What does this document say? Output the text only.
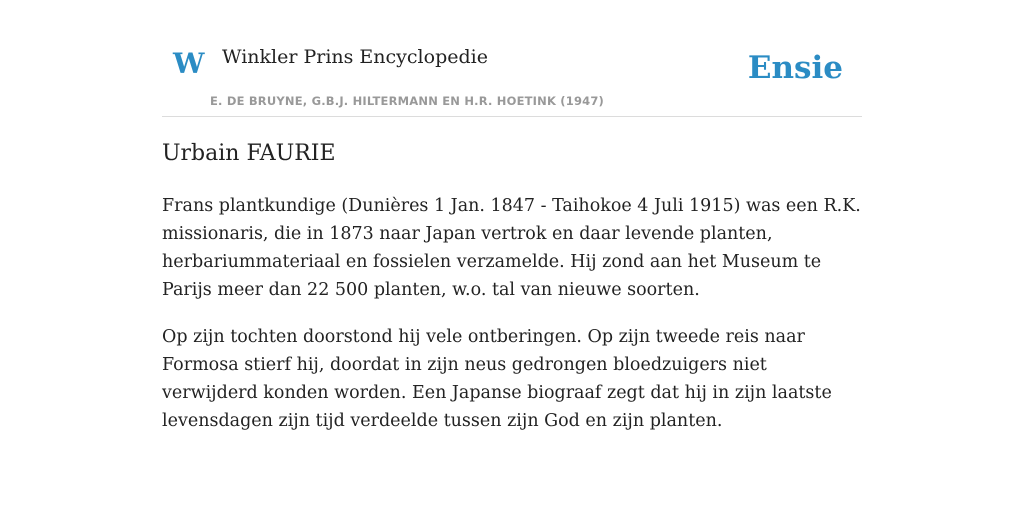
W Winkler Prins Encyclopedie
E. DE BRUYNE, G.B.J. HILTERMANN EN H.R. HOETINK (1947)
Ensie
Urbain FAURIE

Frans plantkundige (Dunières 1 Jan. 1847 - Taihokoe 4 Juli 1915) was een R.K. missionaris, die in 1873 naar Japan vertrok en daar levende planten, herbariummateriaal en fossielen verzamelde. Hij zond aan het Museum te Parijs meer dan 22 500 planten, w.o. tal van nieuwe soorten.

Op zijn tochten doorstond hij vele ontberingen. Op zijn tweede reis naar Formosa stierf hij, doordat in zijn neus gedrongen bloedzuigers niet verwijderd konden worden. Een Japanse biograaf zegt dat hij in zijn laatste levensdagen zijn tijd verdeelde tussen zijn God en zijn planten.
